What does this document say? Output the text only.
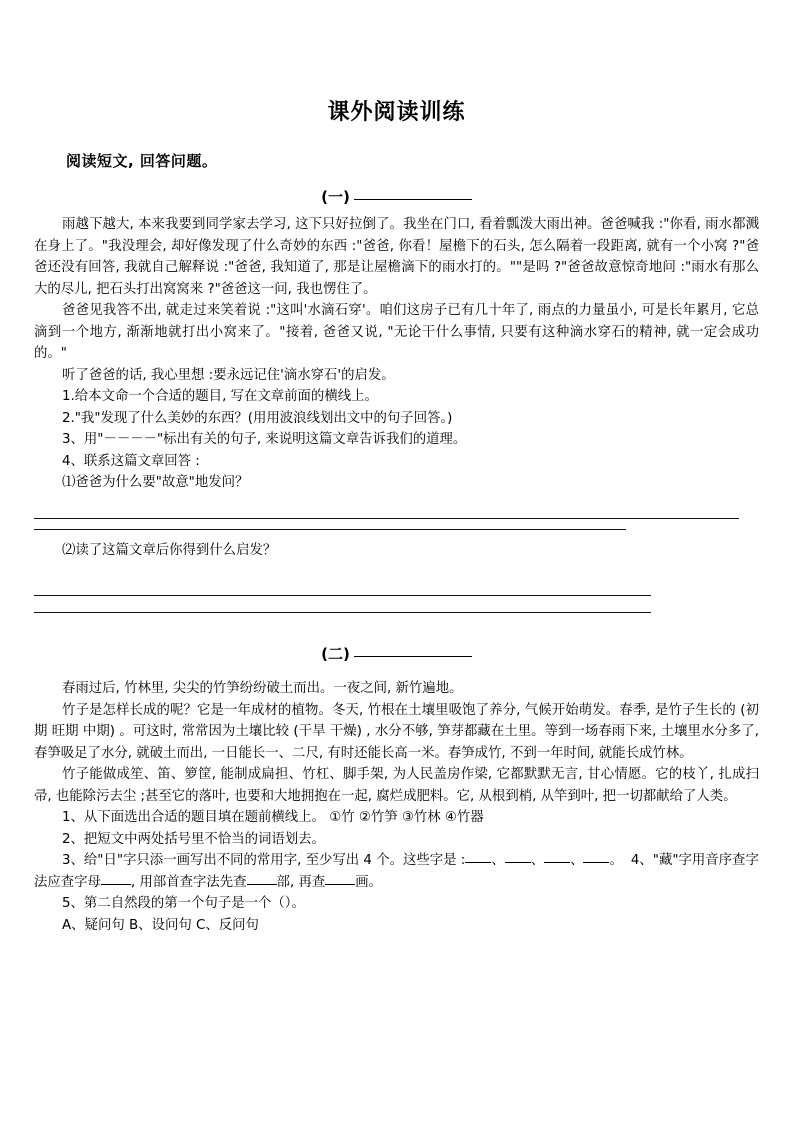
课外阅读训练
阅读短文, 回答问题。
(一)

雨越下越大, 本来我要到同学家去学习, 这下只好拉倒了。我坐在门口, 看着瓢泼大雨出神。爸爸喊我 :"你看, 雨水都溅在身上了。"我没理会, 却好像发现了什么奇妙的东西 :"爸爸, 你看！屋檐下的石头, 怎么隔着一段距离, 就有一个小窝 ?"爸爸还没有回答, 我就自己解释说 :"爸爸, 我知道了, 那是让屋檐滴下的雨水打的。""是吗 ?"爸爸故意惊奇地问 :"雨水有那么大的尽儿, 把石头打出窝窝来 ?"爸爸这一问, 我也愣住了。

爸爸见我答不出, 就走过来笑着说 :"这叫'水滴石穿'。咱们这房子已有几十年了, 雨点的力量虽小, 可是长年累月, 它总滴到一个地方, 渐渐地就打出小窝来了。"接着, 爸爸又说, "无论干什么事情, 只要有这种滴水穿石的精神, 就一定会成功的。"

听了爸爸的话, 我心里想 :要永远记住'滴水穿石'的启发。

1.给本文命一个合适的题目, 写在文章前面的横线上。

2."我"发现了什么美妙的东西？(用用波浪线划出文中的句子回答。)

3、用"－－－－"标出有关的句子, 来说明这篇文章告诉我们的道理。

4、联系这篇文章回答 :

⑴爸爸为什么要"故意"地发问？

⑵读了这篇文章后你得到什么启发？

(二)

春雨过后, 竹林里, 尖尖的竹笋纷纷破土而出。一夜之间, 新竹遍地。

竹子是怎样长成的呢？它是一年成材的植物。冬天, 竹根在土壤里吸饱了养分, 气候开始萌发。春季, 是竹子生长的 (初期 旺期 中期) 。可这时, 常常因为土壤比较 (干旱 干燥) , 水分不够, 笋芽都藏在土里。等到一场春雨下来, 土壤里水分多了, 春笋吸足了水分, 就破土而出, 一日能长一、二尺, 有时还能长高一米。春笋成竹, 不到一年时间, 就能长成竹林。

竹子能做成笙、笛、箩筐, 能制成扁担、竹杠、脚手架, 为人民盖房作梁, 它都默默无言, 甘心情愿。它的枝丫, 扎成扫帚, 也能除污去尘 ;甚至它的落叶, 也要和大地拥抱在一起, 腐烂成肥料。它, 从根到梢, 从竿到叶, 把一切都献给了人类。

1、从下面选出合适的题目填在题前横线上。 ①竹 ②竹笋 ③竹林 ④竹器

2、把短文中两处括号里不恰当的词语划去。

3、给"日"字只添一画写出不同的常用字, 至少写出 4 个。这些字是 : 、 、 、 。 4、"藏"字用音序查字法应查字母 , 用部首查字法先查 部, 再查 画。

5、第二自然段的第一个句子是一个（）。

A、疑问句 B、设问句 C、反问句
